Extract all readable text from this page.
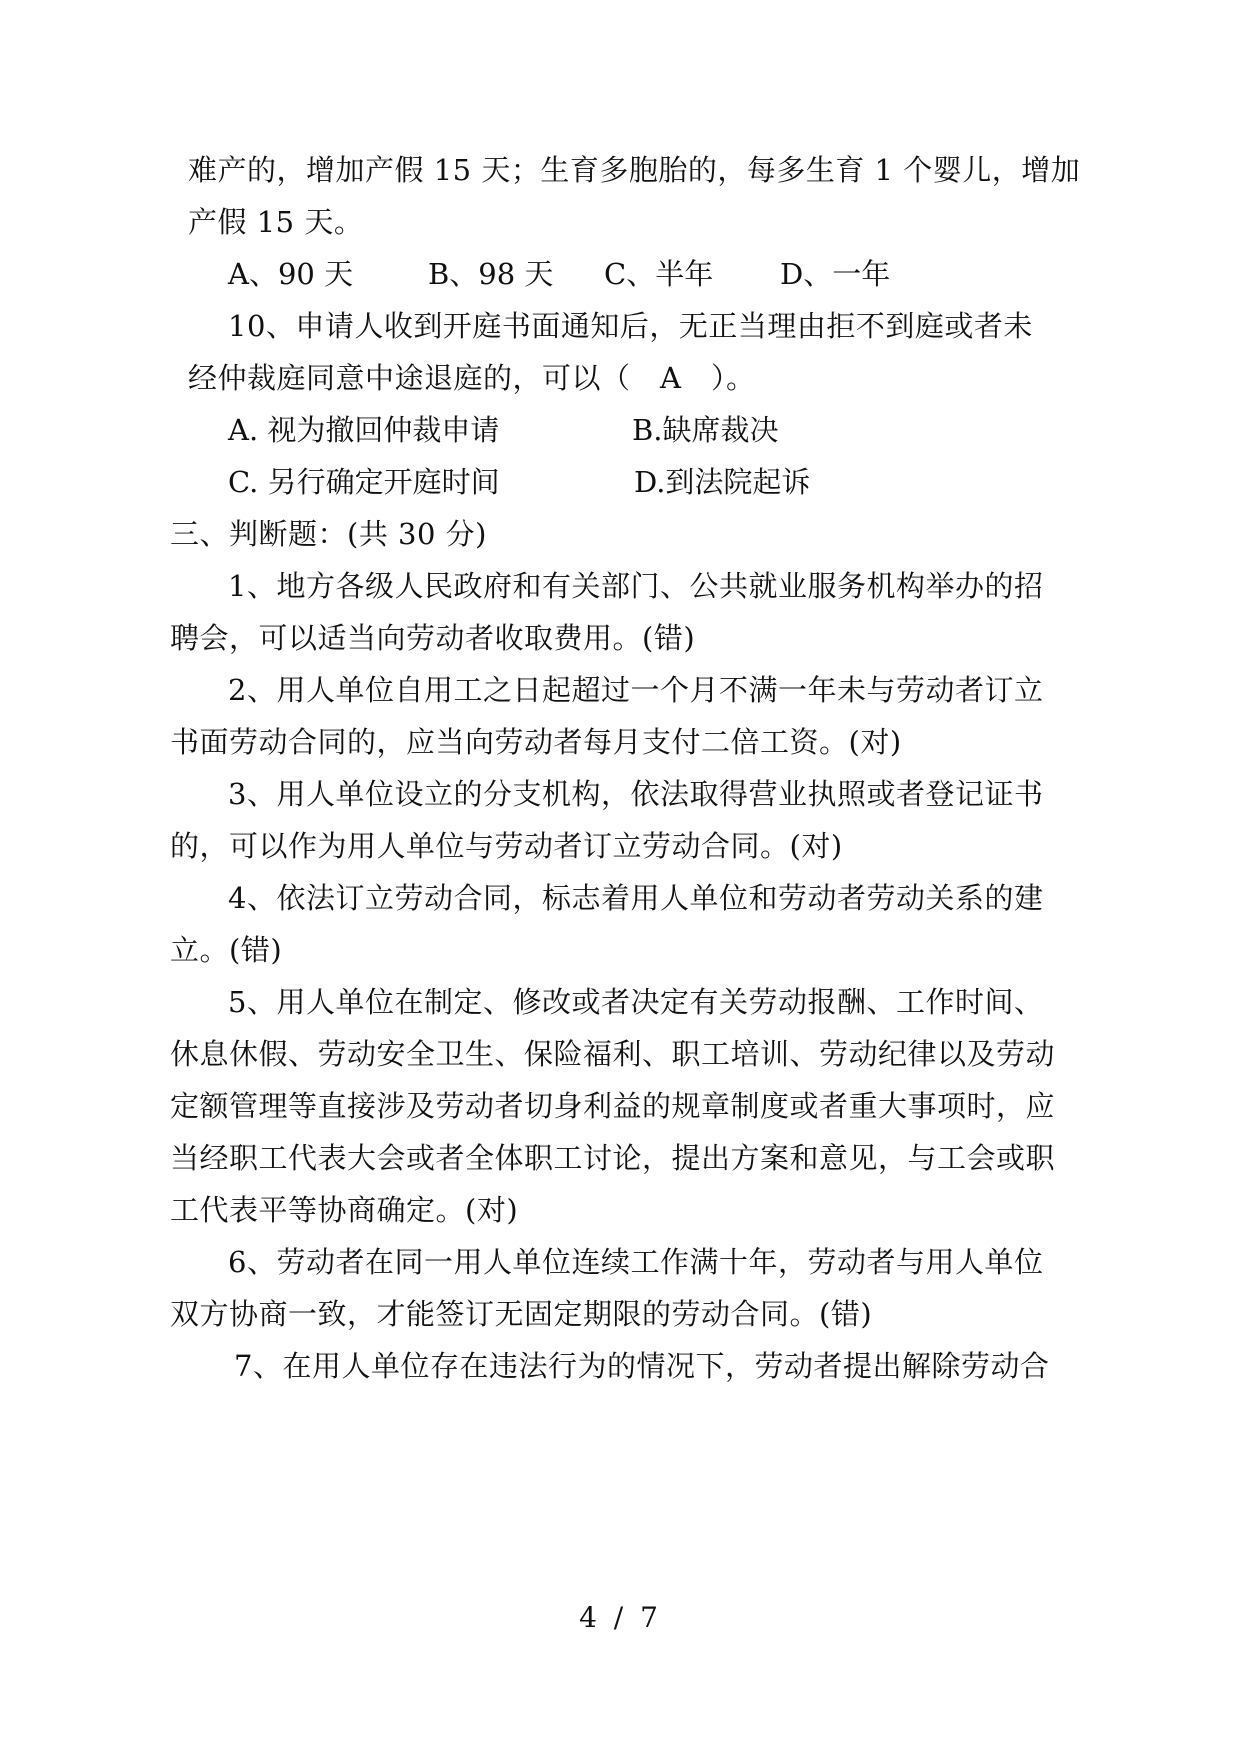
难产的，增加产假 15 天；生育多胞胎的，每多生育 1 个婴儿，增加
产假 15 天。
A、90 天	B、98 天 C、半年 D、一年
10、申请人收到开庭书面通知后，无正当理由拒不到庭或者未
经仲裁庭同意中途退庭的，可以（　A　）。
A. 视为撤回仲裁申请	B.缺席裁决
C. 另行确定开庭时间	D.到法院起诉
三、判断题：(共 30 分)
1、地方各级人民政府和有关部门、公共就业服务机构举办的招
聘会，可以适当向劳动者收取费用。(错)
2、用人单位自用工之日起超过一个月不满一年未与劳动者订立
书面劳动合同的，应当向劳动者每月支付二倍工资。(对)
3、用人单位设立的分支机构，依法取得营业执照或者登记证书
的，可以作为用人单位与劳动者订立劳动合同。(对)
4、依法订立劳动合同，标志着用人单位和劳动者劳动关系的建
立。(错)
5、用人单位在制定、修改或者决定有关劳动报酬、工作时间、
休息休假、劳动安全卫生、保险福利、职工培训、劳动纪律以及劳动
定额管理等直接涉及劳动者切身利益的规章制度或者重大事项时，应
当经职工代表大会或者全体职工讨论，提出方案和意见，与工会或职
工代表平等协商确定。(对)
6、劳动者在同一用人单位连续工作满十年，劳动者与用人单位
双方协商一致，才能签订无固定期限的劳动合同。(错)
7、在用人单位存在违法行为的情况下，劳动者提出解除劳动合
4 / 7
